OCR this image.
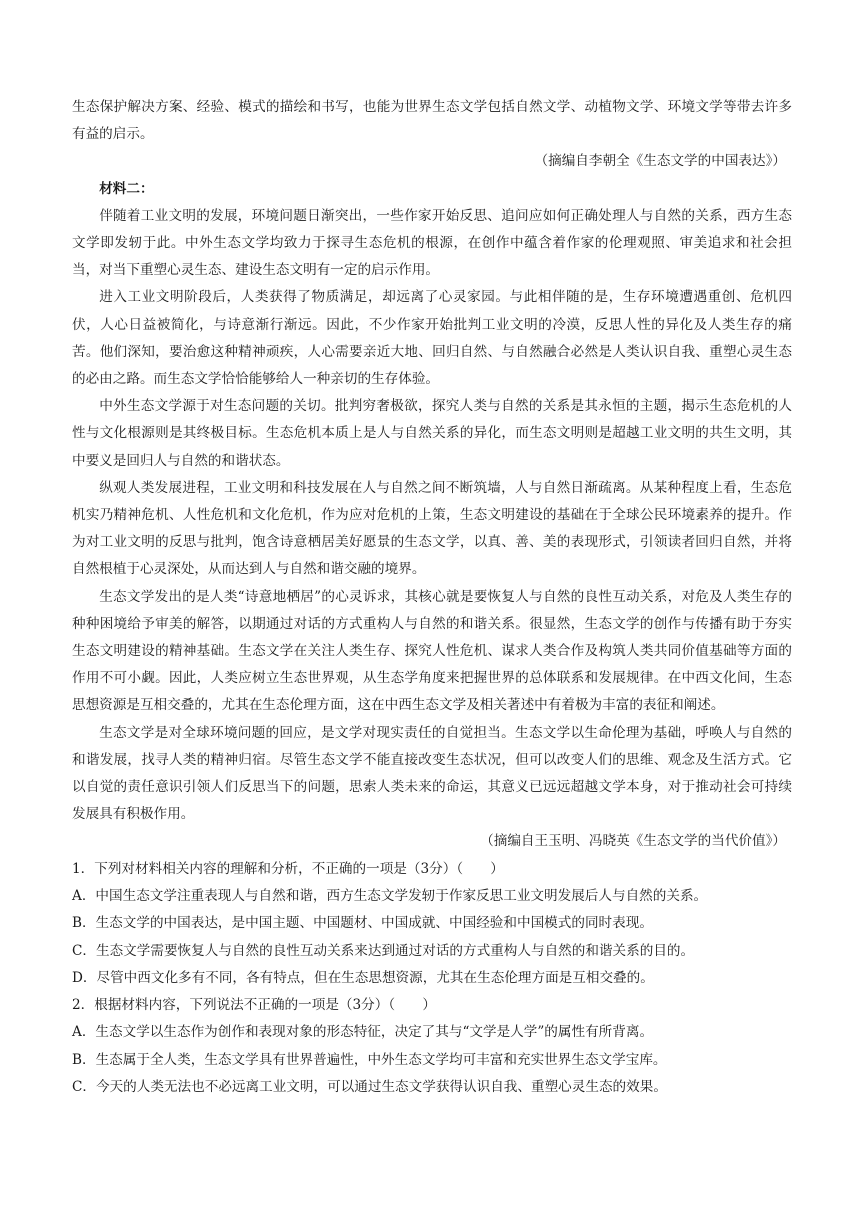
生态保护解决方案、经验、模式的描绘和书写，也能为世界生态文学包括自然文学、动植物文学、环境文学等带去许多有益的启示。

（摘编自李朝全《生态文学的中国表达》）

材料二：

伴随着工业文明的发展，环境问题日渐突出，一些作家开始反思、追问应如何正确处理人与自然的关系，西方生态文学即发轫于此。中外生态文学均致力于探寻生态危机的根源，在创作中蕴含着作家的伦理观照、审美追求和社会担当，对当下重塑心灵生态、建设生态文明有一定的启示作用。

进入工业文明阶段后，人类获得了物质满足，却远离了心灵家园。与此相伴随的是，生存环境遭遇重创、危机四伏，人心日益被简化，与诗意渐行渐远。因此，不少作家开始批判工业文明的冷漠，反思人性的异化及人类生存的痛苦。他们深知，要治愈这种精神顽疾，人心需要亲近大地、回归自然、与自然融合必然是人类认识自我、重塑心灵生态的必由之路。而生态文学恰恰能够给人一种亲切的生存体验。

中外生态文学源于对生态问题的关切。批判穷奢极欲，探究人类与自然的关系是其永恒的主题，揭示生态危机的人性与文化根源则是其终极目标。生态危机本质上是人与自然关系的异化，而生态文明则是超越工业文明的共生文明，其中要义是回归人与自然的和谐状态。

纵观人类发展进程，工业文明和科技发展在人与自然之间不断筑墙，人与自然日渐疏离。从某种程度上看，生态危机实乃精神危机、人性危机和文化危机，作为应对危机的上策，生态文明建设的基础在于全球公民环境素养的提升。作为对工业文明的反思与批判，饱含诗意栖居美好愿景的生态文学，以真、善、美的表现形式，引领读者回归自然，并将自然根植于心灵深处，从而达到人与自然和谐交融的境界。

生态文学发出的是人类“诗意地栖居”的心灵诉求，其核心就是要恢复人与自然的良性互动关系，对危及人类生存的种种困境给予审美的解答，以期通过对话的方式重构人与自然的和谐关系。很显然，生态文学的创作与传播有助于夯实生态文明建设的精神基础。生态文学在关注人类生存、探究人性危机、谋求人类合作及构筑人类共同价值基础等方面的作用不可小觑。因此，人类应树立生态世界观，从生态学角度来把握世界的总体联系和发展规律。在中西文化间，生态思想资源是互相交叠的，尤其在生态伦理方面，这在中西生态文学及相关著述中有着极为丰富的表征和阐述。

生态文学是对全球环境问题的回应，是文学对现实责任的自觉担当。生态文学以生命伦理为基础，呼唤人与自然的和谐发展，找寻人类的精神归宿。尽管生态文学不能直接改变生态状况，但可以改变人们的思维、观念及生活方式。它以自觉的责任意识引领人们反思当下的问题，思索人类未来的命运，其意义已远远超越文学本身，对于推动社会可持续发展具有积极作用。

（摘编自王玉明、冯晓英《生态文学的当代价值》）

1．下列对材料相关内容的理解和分析，不正确的一项是（3分）（　　）

A．中国生态文学注重表现人与自然和谐，西方生态文学发轫于作家反思工业文明发展后人与自然的关系。

B．生态文学的中国表达，是中国主题、中国题材、中国成就、中国经验和中国模式的同时表现。

C．生态文学需要恢复人与自然的良性互动关系来达到通过对话的方式重构人与自然的和谐关系的目的。

D．尽管中西文化多有不同，各有特点，但在生态思想资源，尤其在生态伦理方面是互相交叠的。

2．根据材料内容，下列说法不正确的一项是（3分）（　　）

A．生态文学以生态作为创作和表现对象的形态特征，决定了其与“文学是人学”的属性有所背离。

B．生态属于全人类，生态文学具有世界普遍性，中外生态文学均可丰富和充实世界生态文学宝库。

C．今天的人类无法也不必远离工业文明，可以通过生态文学获得认识自我、重塑心灵生态的效果。
